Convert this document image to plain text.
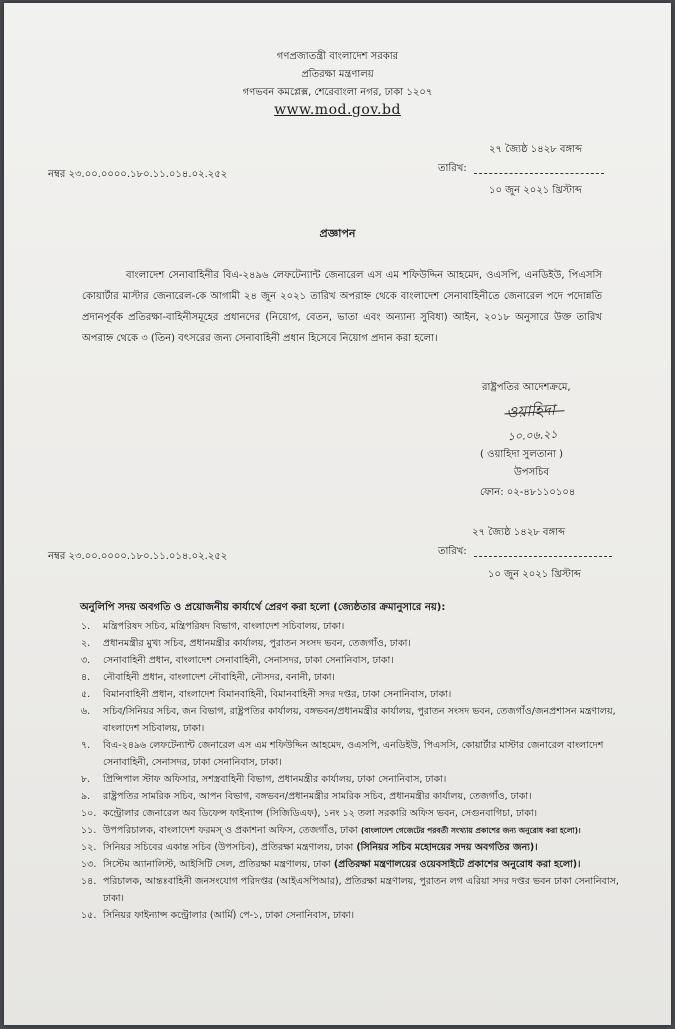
গণপ্রজাতন্ত্রী বাংলাদেশ সরকার
প্রতিরক্ষা মন্ত্রণালয়
গণভবন কমপ্লেক্স, শেরেবাংলা নগর, ঢাকা ১২০৭
www.mod.gov.bd
২৭ জ্যৈষ্ঠ ১৪২৮ বঙ্গাব্দ
তারিখ:
নম্বর ২৩.০০.০০০০.১৮০.১১.০১৪.০২.২৫২
১০ জুন ২০২১ খ্রিস্টাব্দ
প্রজ্ঞাপন
বাংলাদেশ সেনাবাহিনীর বিএ-২৪৯৬ লেফটেন্যান্ট জেনারেল এস এম শফিউদ্দিন আহমেদ, ওএসপি, এনডিইউ, পিএসসি কোয়ার্টার মাস্টার জেনারেল-কে আগামী ২৪ জুন ২০২১ তারিখ অপরাহ্ন থেকে বাংলাদেশ সেনাবাহিনীতে জেনারেল পদে পদোন্নতি প্রদানপূর্বক প্রতিরক্ষা-বাহিনীসমূহের প্রধানদের (নিয়োগ, বেতন, ভাতা এবং অন্যান্য সুবিধা) আইন, ২০১৮ অনুসারে উক্ত তারিখ অপরাহ্ন থেকে ৩ (তিন) বৎসরের জন্য সেনাবাহিনী প্রধান হিসেবে নিয়োগ প্রদান করা হলো।
রাষ্ট্রপতির আদেশক্রমে,
ওয়াহিদা
১০.০৬.২১
( ওয়াহিদা সুলতানা )
উপসচিব
ফোন: ০২-৪৮১১০১০৪
২৭ জ্যৈষ্ঠ ১৪২৮ বঙ্গাব্দ
তারিখ:
নম্বর ২৩.০০.০০০০.১৮০.১১.০১৪.০২.২৫২
১০ জুন ২০২১ খ্রিস্টাব্দ
অনুলিপি সদয় অবগতি ও প্রয়োজনীয় কার্যার্থে প্রেরণ করা হলো (জ্যেষ্ঠতার ক্রমানুসারে নয়):
১.	মন্ত্রিপরিষদ সচিব, মন্ত্রিপরিষদ বিভাগ, বাংলাদেশ সচিবালয়, ঢাকা।
২.	প্রধানমন্ত্রীর মুখ্য সচিব, প্রধানমন্ত্রীর কার্যালয়, পুরাতন সংসদ ভবন, তেজগাঁও, ঢাকা।
৩.	সেনাবাহিনী প্রধান, বাংলাদেশ সেনাবাহিনী, সেনাসদর, ঢাকা সেনানিবাস, ঢাকা।
৪.	নৌবাহিনী প্রধান, বাংলাদেশ নৌবাহিনী, নৌসদর, বনানী, ঢাকা।
৫.	বিমানবাহিনী প্রধান, বাংলাদেশ বিমানবাহিনী, বিমানবাহিনী সদর দপ্তর, ঢাকা সেনানিবাস, ঢাকা।
৬.	সচিব/সিনিয়র সচিব, জন বিভাগ, রাষ্ট্রপতির কার্যালয়, বঙ্গভবন/প্রধানমন্ত্রীর কার্যালয়, পুরাতন সংসদ ভবন, তেজগাঁও/জনপ্রশাসন মন্ত্রণালয়, বাংলাদেশ সচিবালয়, ঢাকা।
৭.	বিএ-২৪৯৬ লেফটেন্যান্ট জেনারেল এস এম শফিউদ্দিন আহমেদ, ওএসপি, এনডিইউ, পিএসসি, কোয়ার্টার মাস্টার জেনারেল বাংলাদেশ সেনাবাহিনী, সেনাসদর, ঢাকা সেনানিবাস, ঢাকা।
৮.	প্রিন্সিপাল স্টাফ অফিসার, সশস্ত্রবাহিনী বিভাগ, প্রধানমন্ত্রীর কার্যালয়, ঢাকা সেনানিবাস, ঢাকা।
৯.	রাষ্ট্রপতির সামরিক সচিব, আপন বিভাগ, বঙ্গভবন/প্রধানমন্ত্রীর সামরিক সচিব, প্রধানমন্ত্রীর কার্যালয়, তেজগাঁও, ঢাকা।
১০. কন্ট্রোলার জেনারেল অব ডিফেন্স ফাইন্যান্স (সিজিডিএফ), ১নং ১২ তলা সরকারি অফিস ভবন, সেগুনবাগিচা, ঢাকা।
১১. উপপরিচালক, বাংলাদেশ ফরমস্ ও প্রকাশনা অফিস, তেজগাঁও, ঢাকা (বাংলাদেশ গেজেটের পরবর্তী সংখ্যায় প্রকাশের জন্য অনুরোধ করা হলো)।
১২. সিনিয়র সচিবের একান্ত সচিব (উপসচিব), প্রতিরক্ষা মন্ত্রণালয়, ঢাকা (সিনিয়র সচিব মহোদয়ের সদয় অবগতির জন্য)।
১৩. সিস্টেম অ্যানালিস্ট, আইসিটি সেল, প্রতিরক্ষা মন্ত্রণালয়, ঢাকা (প্রতিরক্ষা মন্ত্রণালয়ের ওয়েবসাইটে প্রকাশের অনুরোধ করা হলো)।
১৪. পরিচালক, আন্তঃবাহিনী জনসংযোগ পরিদপ্তর (আইএসপিআর), প্রতিরক্ষা মন্ত্রণালয়, পুরাতন লগ এরিয়া সদর দপ্তর ভবন ঢাকা সেনানিবাস, ঢাকা।
১৫. সিনিয়র ফাইন্যান্স কন্ট্রোলার (আর্মি) পে-১, ঢাকা সেনানিবাস, ঢাকা।
